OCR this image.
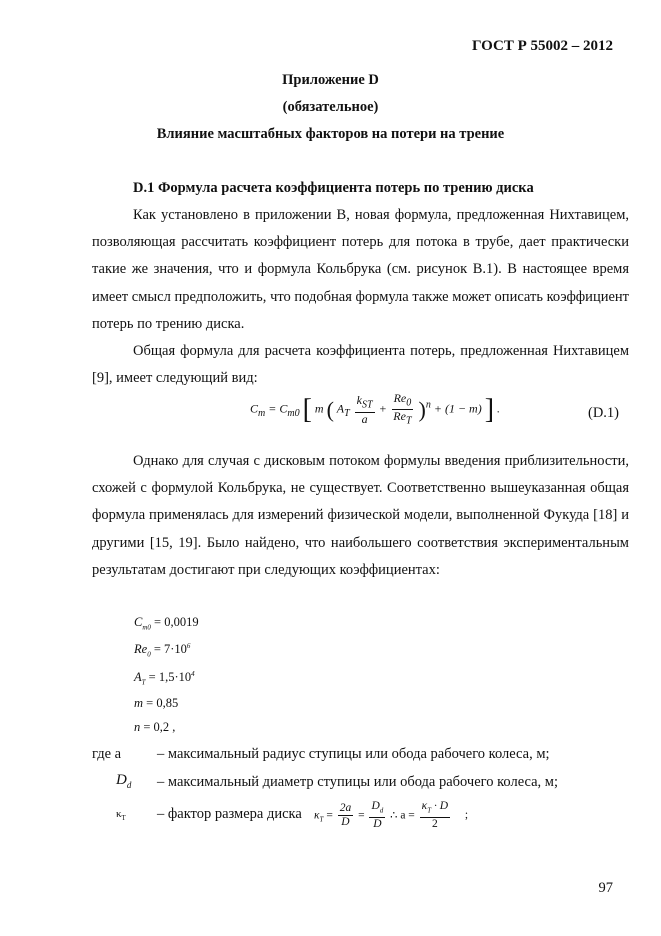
ГОСТ Р 55002 – 2012
Приложение D
(обязательное)
Влияние масштабных факторов на потери на трение
D.1 Формула расчета коэффициента потерь по трению диска

Как установлено в приложении В, новая формула, предложенная Нихтавицем, позволяющая рассчитать коэффициент потерь для потока в трубе, дает практически такие же значения, что и формула Кольбрука (см. рисунок В.1). В настоящее время имеет смысл предположить, что подобная формула также может описать коэффициент потерь по трению диска.

Общая формула для расчета коэффициента потерь, предложенная Нихтавицем [9], имеет следующий вид:

$C_m = C_{m0}$ [ m ( $A_T \frac{k_{ST}}{a} + \frac{Re_0}{Re_T} )^n + (1 - m)$ ] .	(D.1)

Однако для случая с дисковым потоком формулы введения приблизительности, схожей с формулой Кольбрука, не существует. Соответственно вышеуказанная общая формула применялась для измерений физической модели, выполненной Фукуда [18] и другими [15, 19]. Было найдено, что наибольшего соответствия экспериментальным результатам достигают при следующих коэффициентах:

$C_{m0} = 0,0019$
$Re_0 = 7\cdot 10^6$
$A_T = 1,5\cdot 10^4$
m = 0,85
n = 0,2 ,
где a – максимальный радиус ступицы или обода рабочего колеса, м;
$D_d$ – максимальный диаметр ступицы или обода рабочего колеса, м;
$\kappa_T$ – фактор размера диска $\kappa_T = \frac{2a}{D} = \frac{D_d}{D}$ ∴ $a = \frac{\kappa_T \cdot D}{2}$ ;
97
